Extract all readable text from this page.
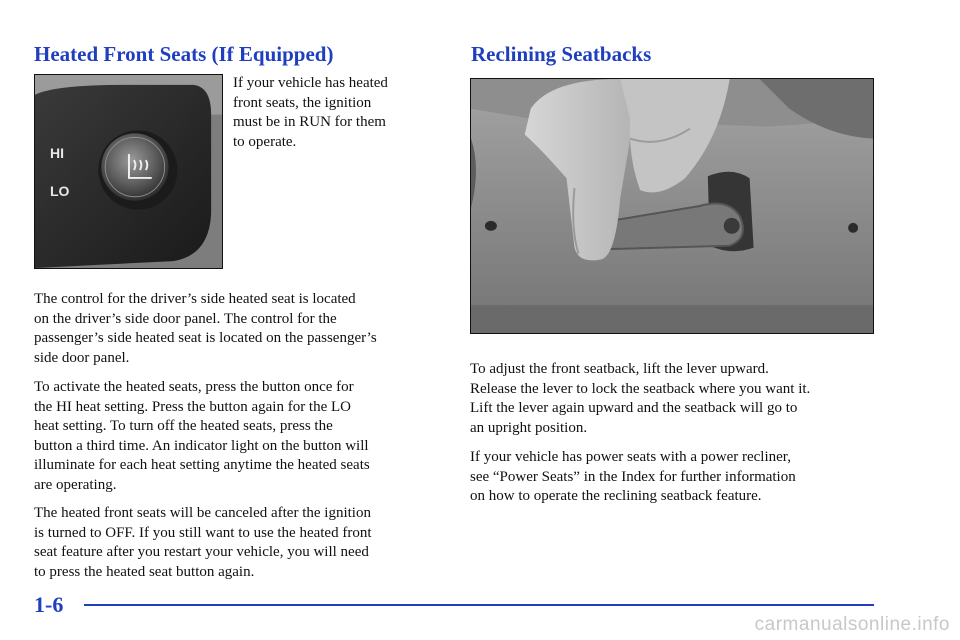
Heated Front Seats (If Equipped)
HI
LO

If your vehicle has heated
front seats, the ignition
must be in RUN for them
to operate.

The control for the driver’s side heated seat is located
on the driver’s side door panel. The control for the
passenger’s side heated seat is located on the passenger’s
side door panel.

To activate the heated seats, press the button once for
the HI heat setting. Press the button again for the LO
heat setting. To turn off the heated seats, press the
button a third time. An indicator light on the button will
illuminate for each heat setting anytime the heated seats
are operating.

The heated front seats will be canceled after the ignition
is turned to OFF. If you still want to use the heated front
seat feature after you restart your vehicle, you will need
to press the heated seat button again.

Reclining Seatbacks

To adjust the front seatback, lift the lever upward.
Release the lever to lock the seatback where you want it.
Lift the lever again upward and the seatback will go to
an upright position.

If your vehicle has power seats with a power recliner,
see “Power Seats” in the Index for further information
on how to operate the reclining seatback feature.

1-6
carmanualsonline.info
